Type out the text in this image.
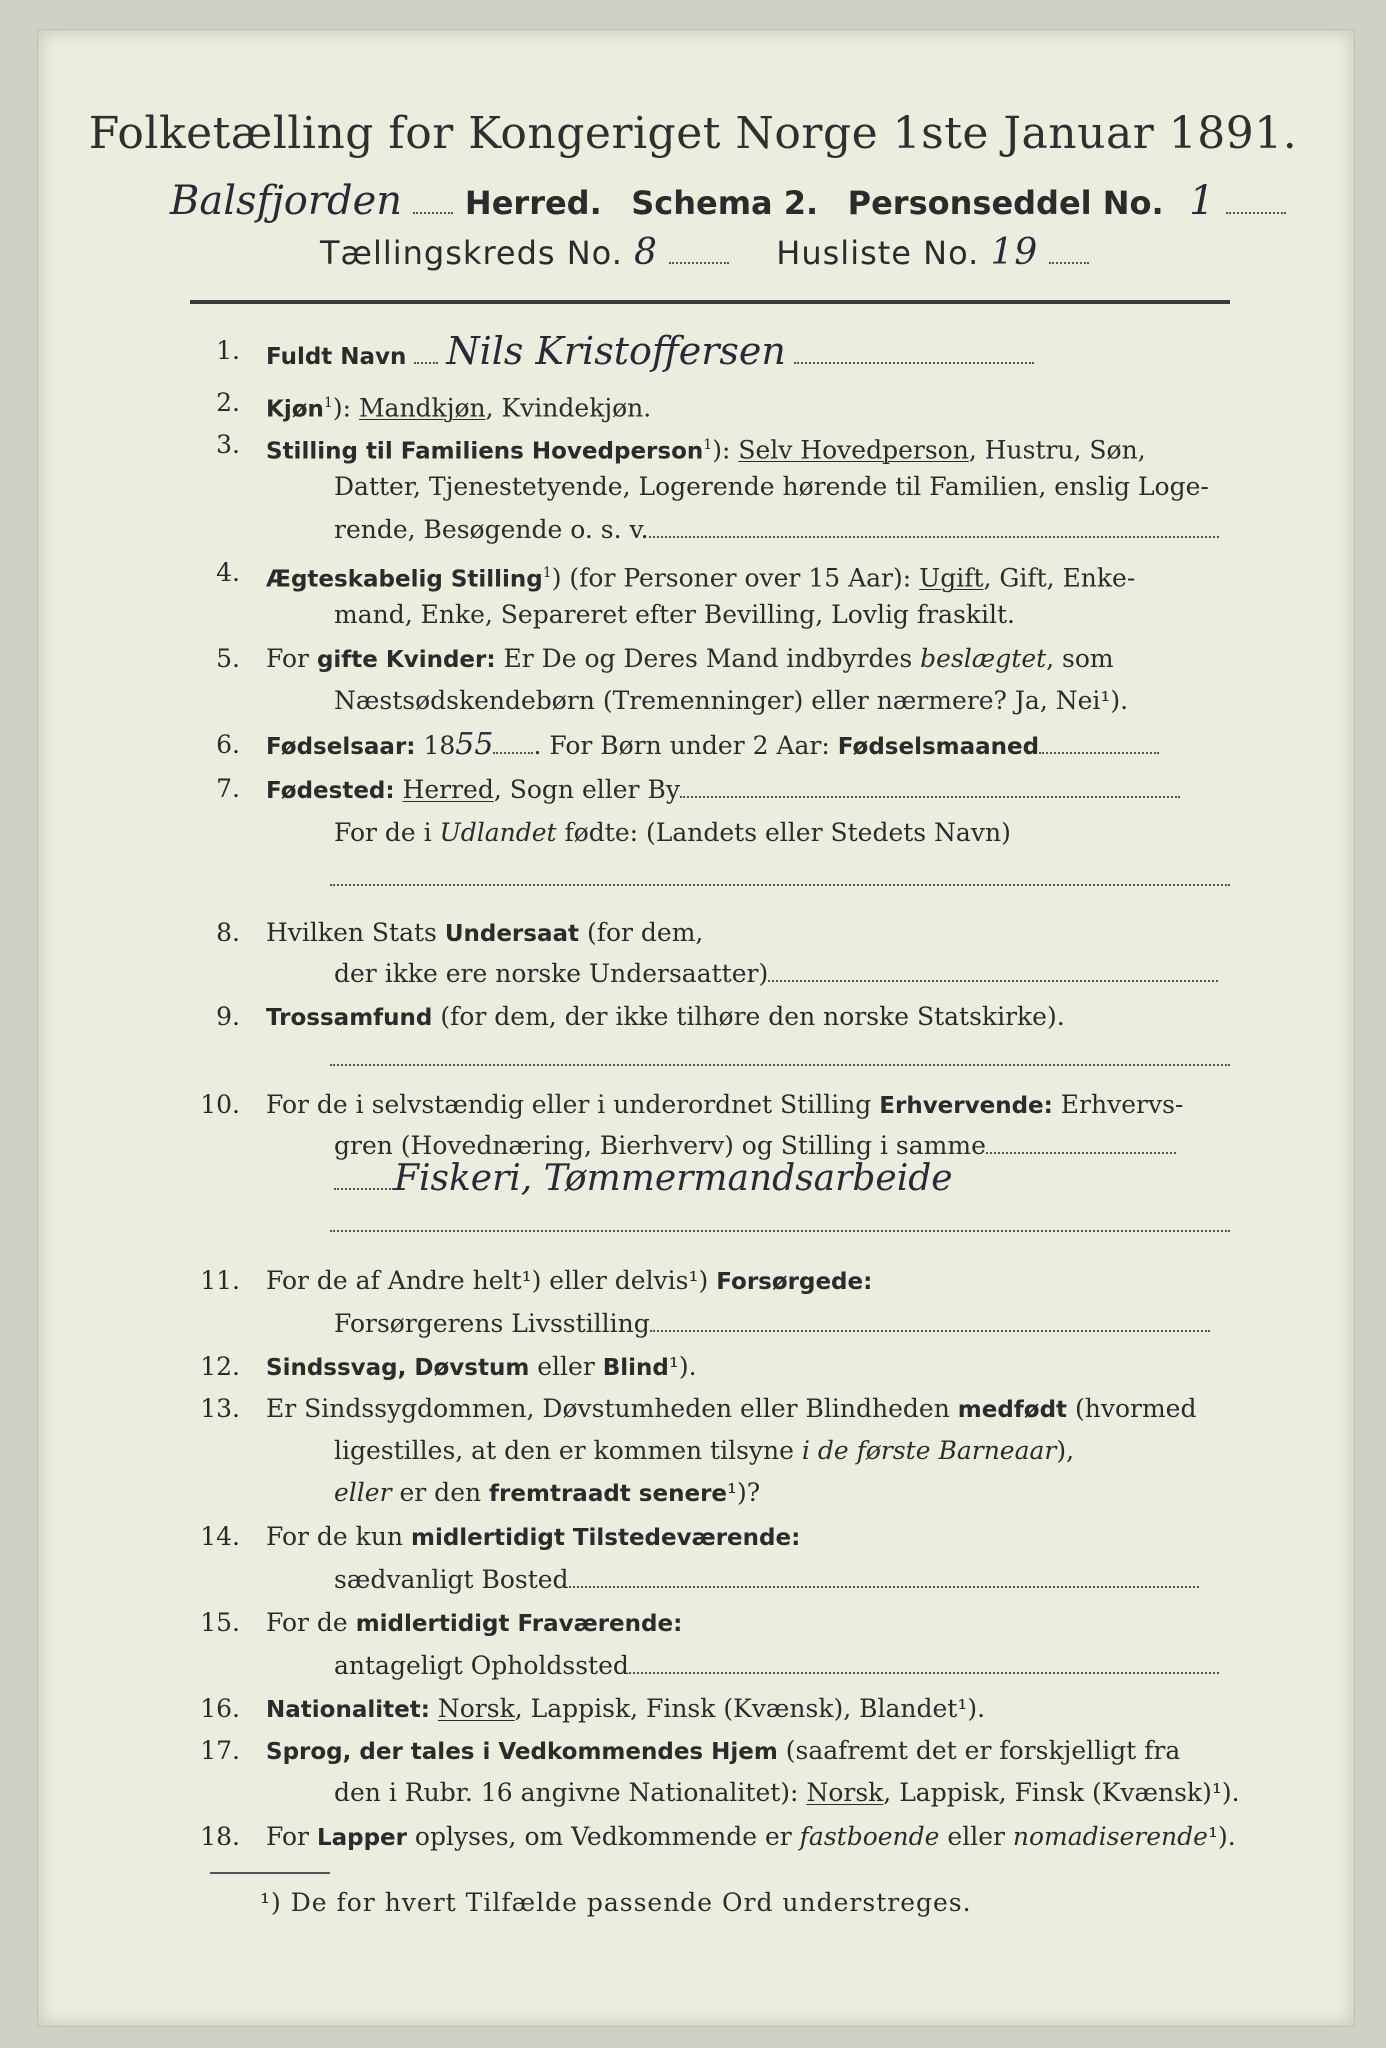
Folketælling for Kongeriget Norge 1ste Januar 1891.
Balsfjorden Herred. Schema 2. Personseddel No. 1
Tællingskreds No. 8	Husliste No. 19
1. Fuldt Navn Nils Kristoffersen
2. Kjøn$^1$): Mandkjøn, Kvindekjøn.
3. Stilling til Familiens Hovedperson$^1$): Selv Hovedperson, Hustru, Søn,
Datter, Tjenestetyende, Logerende hørende til Familien, enslig Loge-
rende, Besøgende o. s. v.
4. Ægteskabelig Stilling$^1$) (for Personer over 15 Aar): Ugift, Gift, Enke-
mand, Enke, Separeret efter Bevilling, Lovlig fraskilt.
5. For gifte Kvinder: Er De og Deres Mand indbyrdes beslægtet, som
Næstsødskendebørn (Tremenninger) eller nærmere? Ja, Nei¹).
6. Fødselsaar: 1855 . For Børn under 2 Aar: Fødselsmaaned
7. Fødested: Herred, Sogn eller By
For de i Udlandet fødte: (Landets eller Stedets Navn)
8. Hvilken Stats Undersaat (for dem,
der ikke ere norske Undersaatter)
9. Trossamfund (for dem, der ikke tilhøre den norske Statskirke).
10. For de i selvstændig eller i underordnet Stilling Erhvervende: Erhvervs-
gren (Hovednæring, Bierhverv) og Stilling i samme
Fiskeri, Tømmermandsarbeide
11. For de af Andre helt¹) eller delvis¹) Forsørgede:
Forsørgerens Livsstilling
12. Sindssvag, Døvstum eller Blind¹).
13. Er Sindssygdommen, Døvstumheden eller Blindheden medfødt (hvormed
ligestilles, at den er kommen tilsyne i de første Barneaar),
eller er den fremtraadt senere¹)?
14. For de kun midlertidigt Tilstedeværende:
sædvanligt Bosted
15. For de midlertidigt Fraværende:
antageligt Opholdssted
16. Nationalitet: Norsk, Lappisk, Finsk (Kvænsk), Blandet¹).
17. Sprog, der tales i Vedkommendes Hjem (saafremt det er forskjelligt fra
den i Rubr. 16 angivne Nationalitet): Norsk, Lappisk, Finsk (Kvænsk)¹).
18. For Lapper oplyses, om Vedkommende er fastboende eller nomadiserende¹).
¹) De for hvert Tilfælde passende Ord understreges.
